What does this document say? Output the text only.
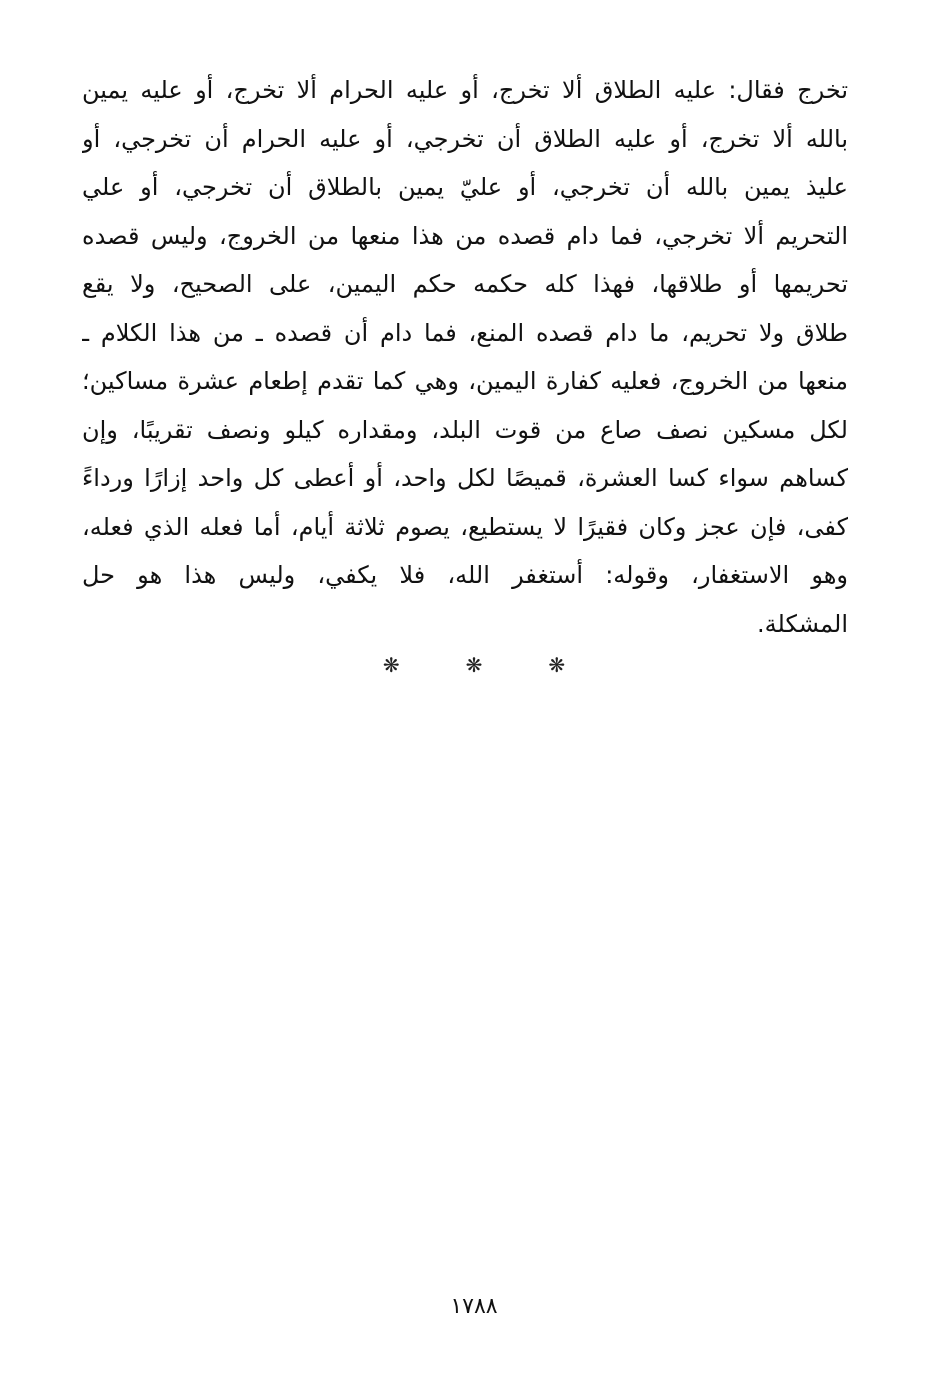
تخرج فقال: عليه الطلاق ألا تخرج، أو عليه الحرام ألا تخرج، أو عليه يمين
بالله ألا تخرج، أو عليه الطلاق أن تخرجي، أو عليه الحرام أن تخرجي، أو
عليذ يمين بالله أن تخرجي، أو عليّ يمين بالطلاق أن تخرجي، أو علي
التحريم ألا تخرجي، فما دام قصده من هذا منعها من الخروج، وليس قصده
تحريمها أو طلاقها، فهذا كله حكمه حكم اليمين، على الصحيح، ولا يقع
طلاق ولا تحريم، ما دام قصده المنع، فما دام أن قصده ـ من هذا الكلام ـ
منعها من الخروج، فعليه كفارة اليمين، وهي كما تقدم إطعام عشرة مساكين؛
لكل مسكين نصف صاع من قوت البلد، ومقداره كيلو ونصف تقريبًا، وإن
كساهم سواء كسا العشرة، قميصًا لكل واحد، أو أعطى كل واحد إزارًا ورداءً
كفى، فإن عجز وكان فقيرًا لا يستطيع، يصوم ثلاثة أيام، أما فعله الذي فعله،
وهو الاستغفار، وقوله: أستغفر الله، فلا يكفي، وليس هذا هو حل
المشكلة.
❋
❋
❋
١٧٨٨
